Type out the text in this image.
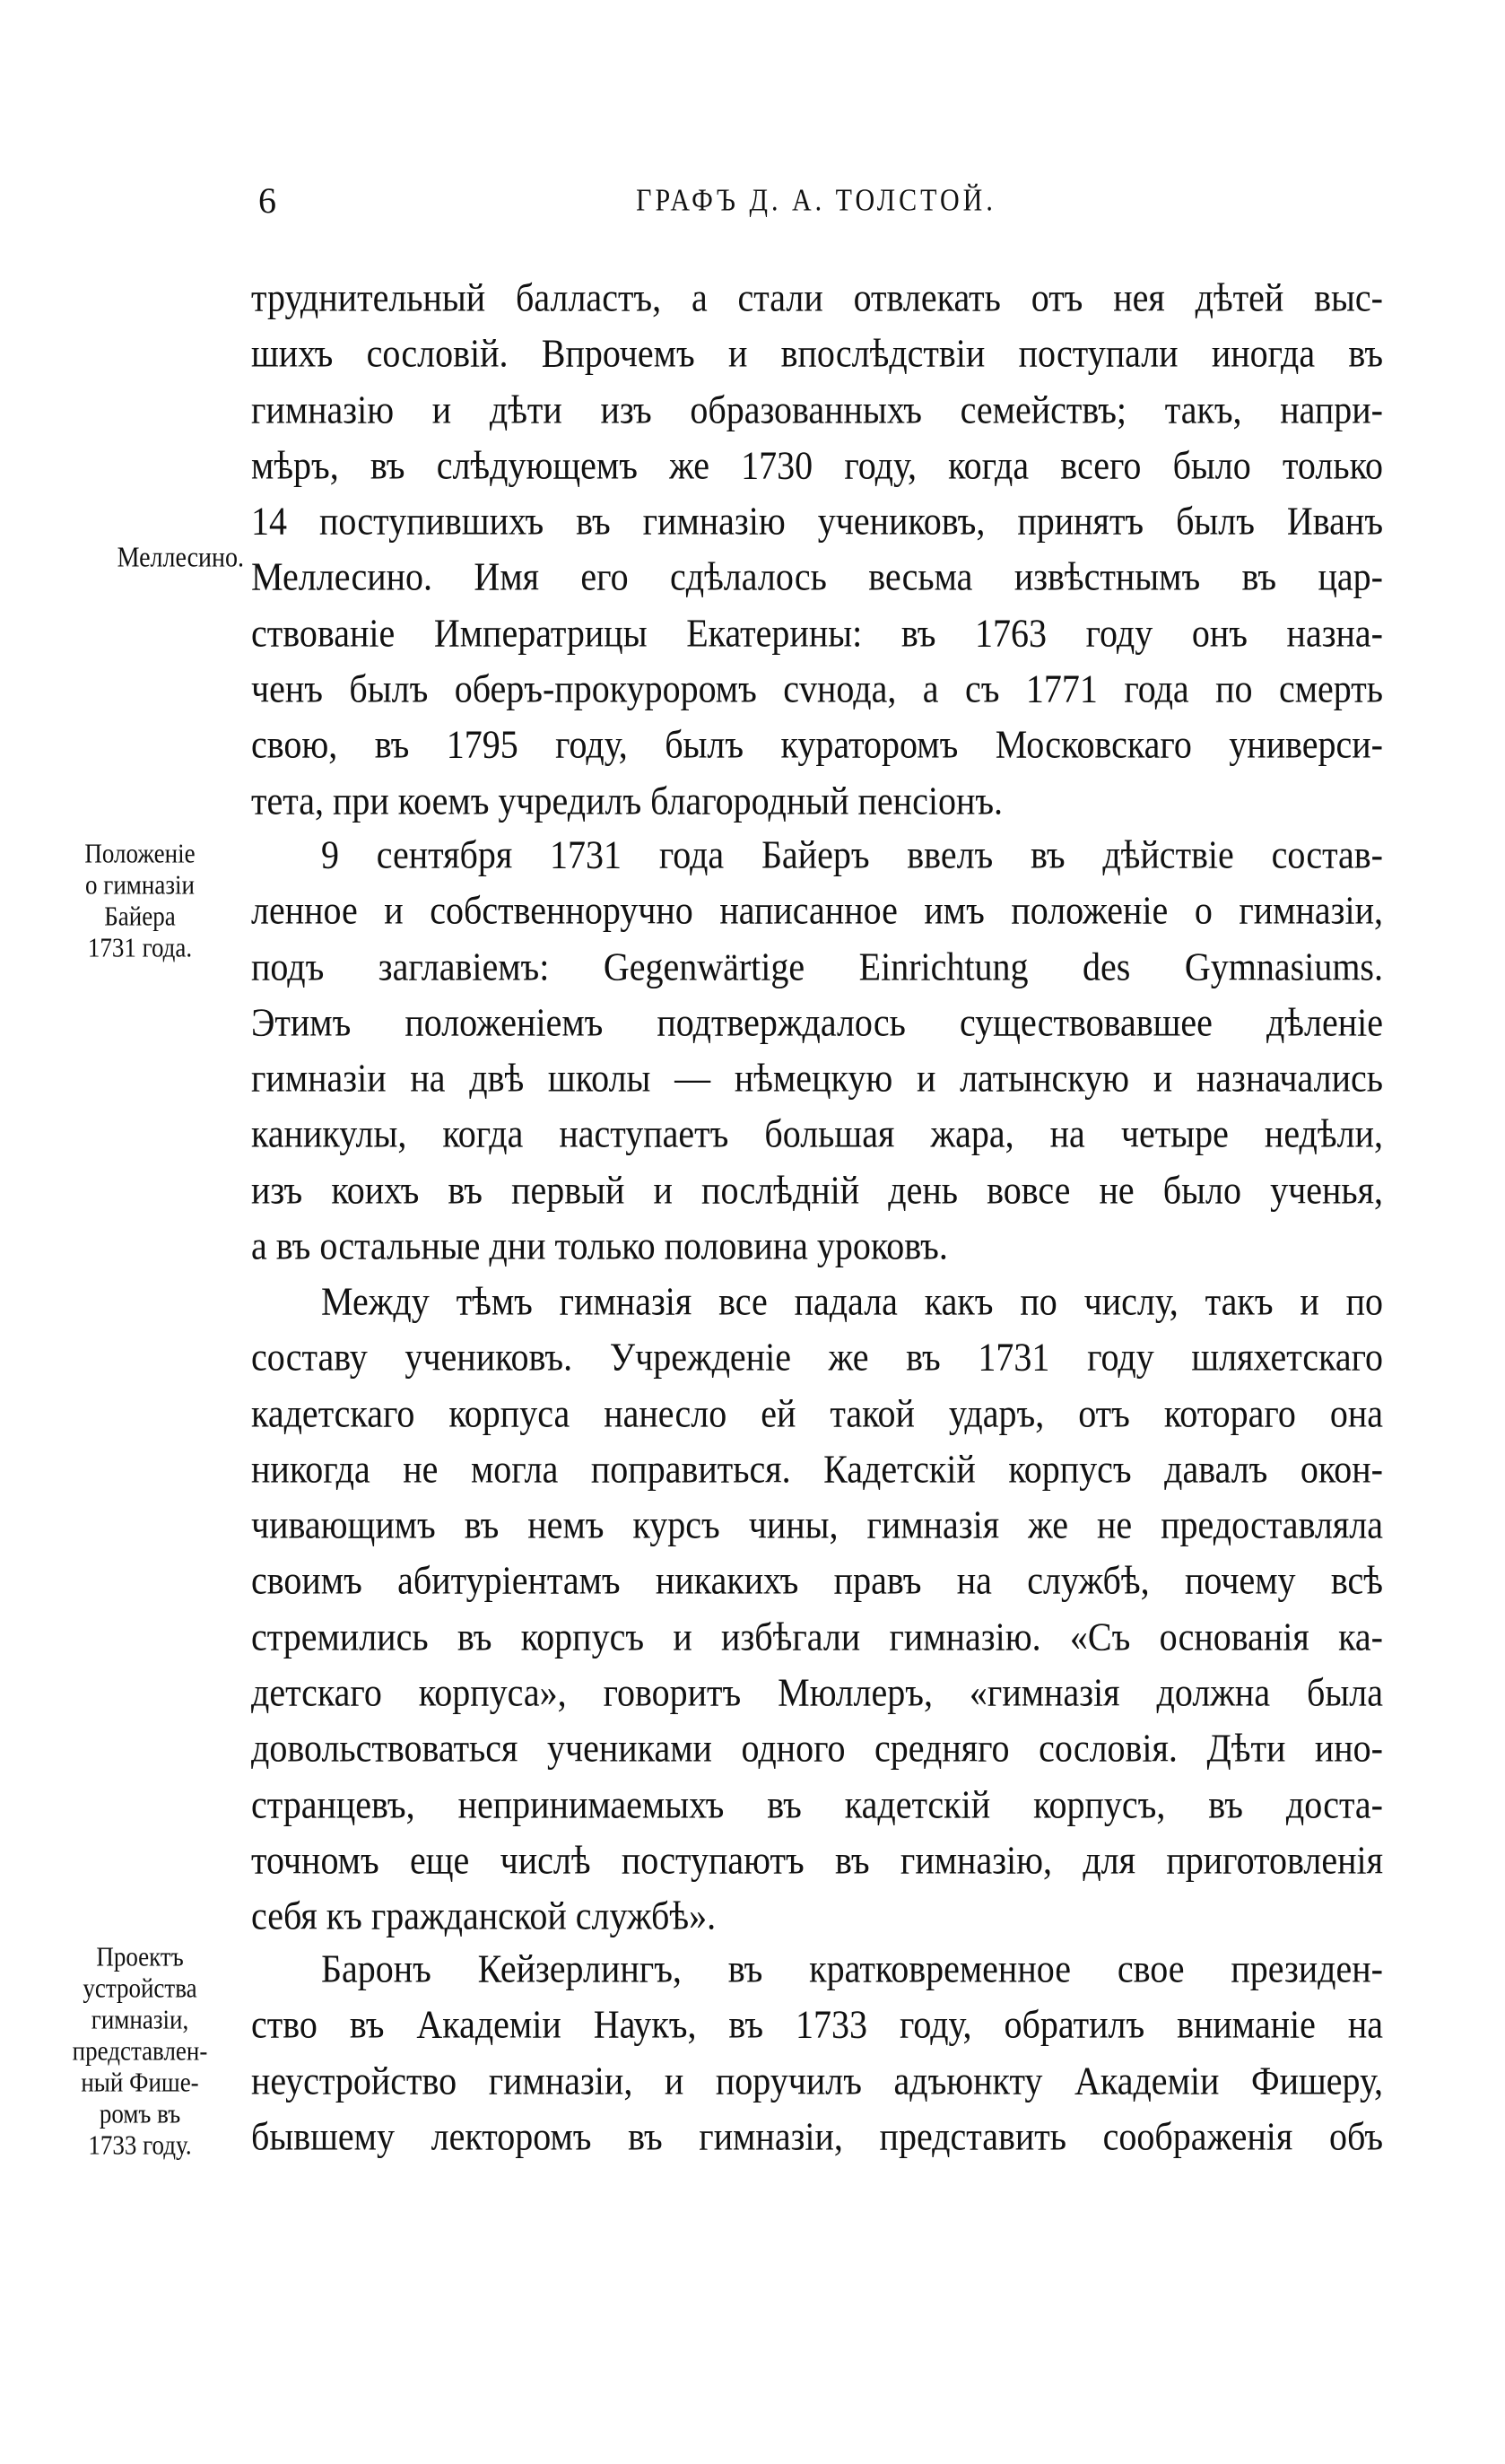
6	ГРАФЪ Д. А. ТОЛСТОЙ.
Меллесино.
Положеніе
о гимназіи
Байера
1731 года.
Проектъ
устройства
гимназіи,
представлен-
ный Фише-
ромъ въ
1733 году.
труднительный балластъ, а стали отвлекать отъ нея дѣтей выс-
шихъ сословій. Впрочемъ и впослѣдствіи поступали иногда въ
гимназію и дѣти изъ образованныхъ семействъ; такъ, напри-
мѣръ, въ слѣдующемъ же 1730 году, когда всего было только
14 поступившихъ въ гимназію учениковъ, принятъ былъ Иванъ
Меллесино. Имя его сдѣлалось весьма извѣстнымъ въ цар-
ствованіе Императрицы Екатерины: въ 1763 году онъ назна-
ченъ былъ оберъ-прокуроромъ сvнода, а съ 1771 года по смерть
свою, въ 1795 году, былъ кураторомъ Московскаго универси-
тета, при коемъ учредилъ благородный пенсіонъ.
9 сентября 1731 года Байеръ ввелъ въ дѣйствіе состав-
ленное и собственноручно написанное имъ положеніе о гимназіи,
подъ заглавіемъ: Gegenwärtige Einrichtung des Gymnasiums.
Этимъ положеніемъ подтверждалось существовавшее дѣленіе
гимназіи на двѣ школы — нѣмецкую и латынскую и назначались
каникулы, когда наступаетъ большая жара, на четыре недѣли,
изъ коихъ въ первый и послѣдній день вовсе не было ученья,
а въ остальные дни только половина уроковъ.
Между тѣмъ гимназія все падала какъ по числу, такъ и по
составу учениковъ. Учрежденіе же въ 1731 году шляхетскаго
кадетскаго корпуса нанесло ей такой ударъ, отъ котораго она
никогда не могла поправиться. Кадетскій корпусъ давалъ окон-
чивающимъ въ немъ курсъ чины, гимназія же не предоставляла
своимъ абитуріентамъ никакихъ правъ на службѣ, почему всѣ
стремились въ корпусъ и избѣгали гимназію. «Съ основанія ка-
детскаго корпуса», говоритъ Мюллеръ, «гимназія должна была
довольствоваться учениками одного средняго сословія. Дѣти ино-
странцевъ, непринимаемыхъ въ кадетскій корпусъ, въ доста-
точномъ еще числѣ поступаютъ въ гимназію, для приготовленія
себя къ гражданской службѣ».
Баронъ Кейзерлингъ, въ кратковременное свое президен-
ство въ Академіи Наукъ, въ 1733 году, обратилъ вниманіе на
неустройство гимназіи, и поручилъ адъюнкту Академіи Фишеру,
бывшему лекторомъ въ гимназіи, представить соображенія объ
